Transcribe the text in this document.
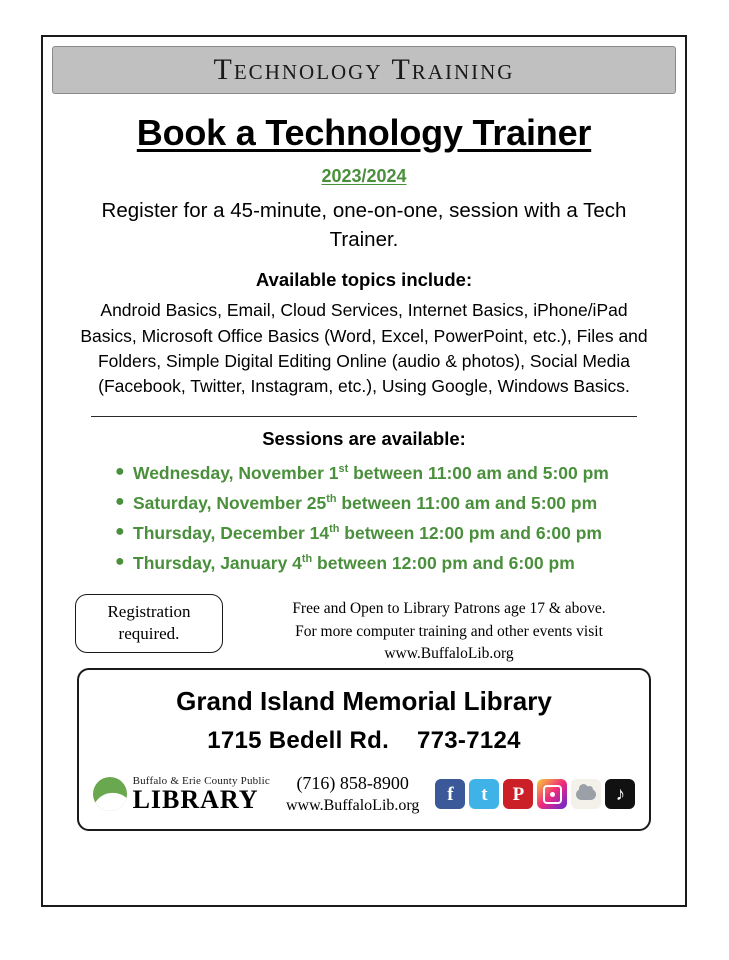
Technology Training
Book a Technology Trainer
2023/2024
Register for a 45-minute, one-on-one, session with a Tech Trainer.
Available topics include:
Android Basics, Email, Cloud Services, Internet Basics, iPhone/iPad Basics, Microsoft Office Basics (Word, Excel, PowerPoint, etc.), Files and Folders, Simple Digital Editing Online (audio & photos), Social Media (Facebook, Twitter, Instagram, etc.), Using Google, Windows Basics.
Sessions are available:
● Wednesday, November 1st between 11:00 am and 5:00 pm
● Saturday, November 25th between 11:00 am and 5:00 pm
● Thursday, December 14th between 12:00 pm and 6:00 pm
● Thursday, January 4th between 12:00 pm and 6:00 pm
Registration
required.
Free and Open to Library Patrons age 17 & above.
For more computer training and other events visit www.BuffaloLib.org
Grand Island Memorial Library
1715 Bedell Rd. 773-7124
Buffalo & Erie County Public
LIBRARY
(716) 858-8900
www.BuffaloLib.org
f t P	♪
